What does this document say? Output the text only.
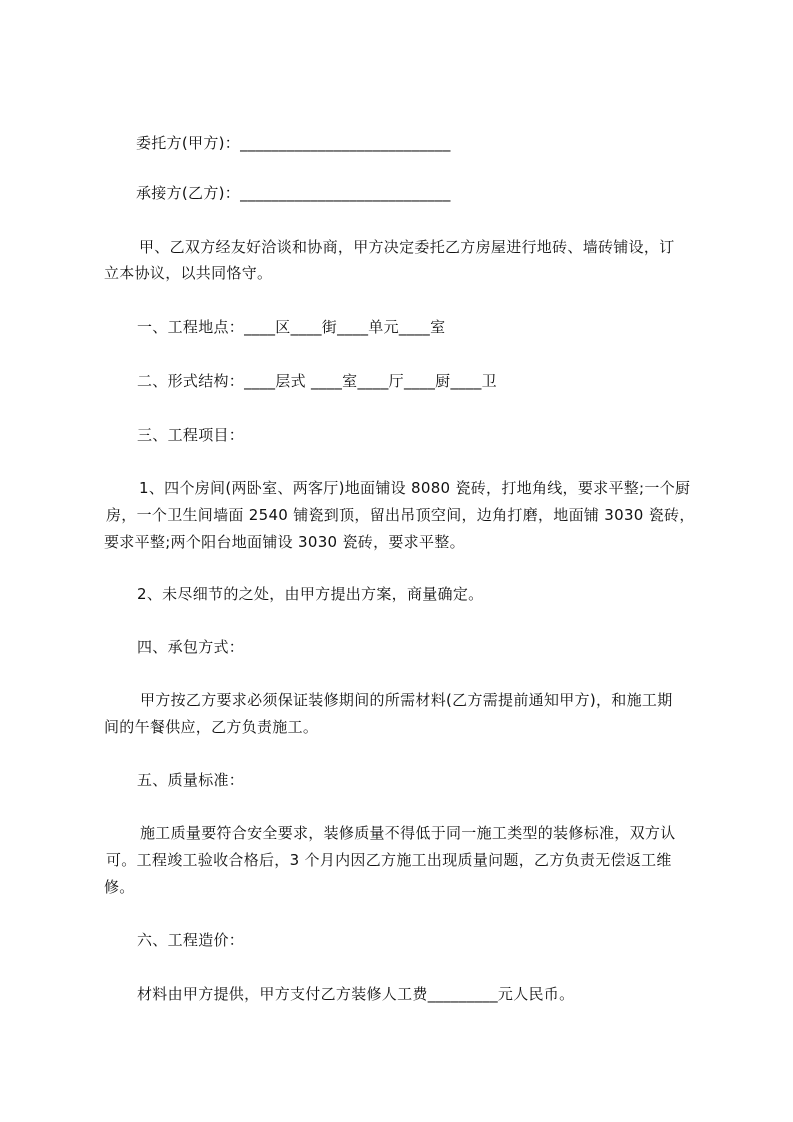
委托方(甲方)：___________________________
承接方(乙方)：___________________________
甲、乙双方经友好洽谈和协商，甲方决定委托乙方房屋进行地砖、墙砖铺设，订
立本协议，以共同恪守。
一、工程地点：____区____街____单元____室
二、形式结构：____层式 ____室____厅____厨____卫
三、工程项目：
1、四个房间(两卧室、两客厅)地面铺设 8080 瓷砖，打地角线，要求平整;一个厨
房，一个卫生间墙面 2540 铺瓷到顶，留出吊顶空间，边角打磨，地面铺 3030 瓷砖，
要求平整;两个阳台地面铺设 3030 瓷砖，要求平整。
2、未尽细节的之处，由甲方提出方案，商量确定。
四、承包方式：
甲方按乙方要求必须保证装修期间的所需材料(乙方需提前通知甲方)，和施工期
间的午餐供应，乙方负责施工。
五、质量标准：
施工质量要符合安全要求，装修质量不得低于同一施工类型的装修标准，双方认
可。工程竣工验收合格后，3 个月内因乙方施工出现质量问题，乙方负责无偿返工维
修。
六、工程造价：
材料由甲方提供，甲方支付乙方装修人工费_________元人民币。
